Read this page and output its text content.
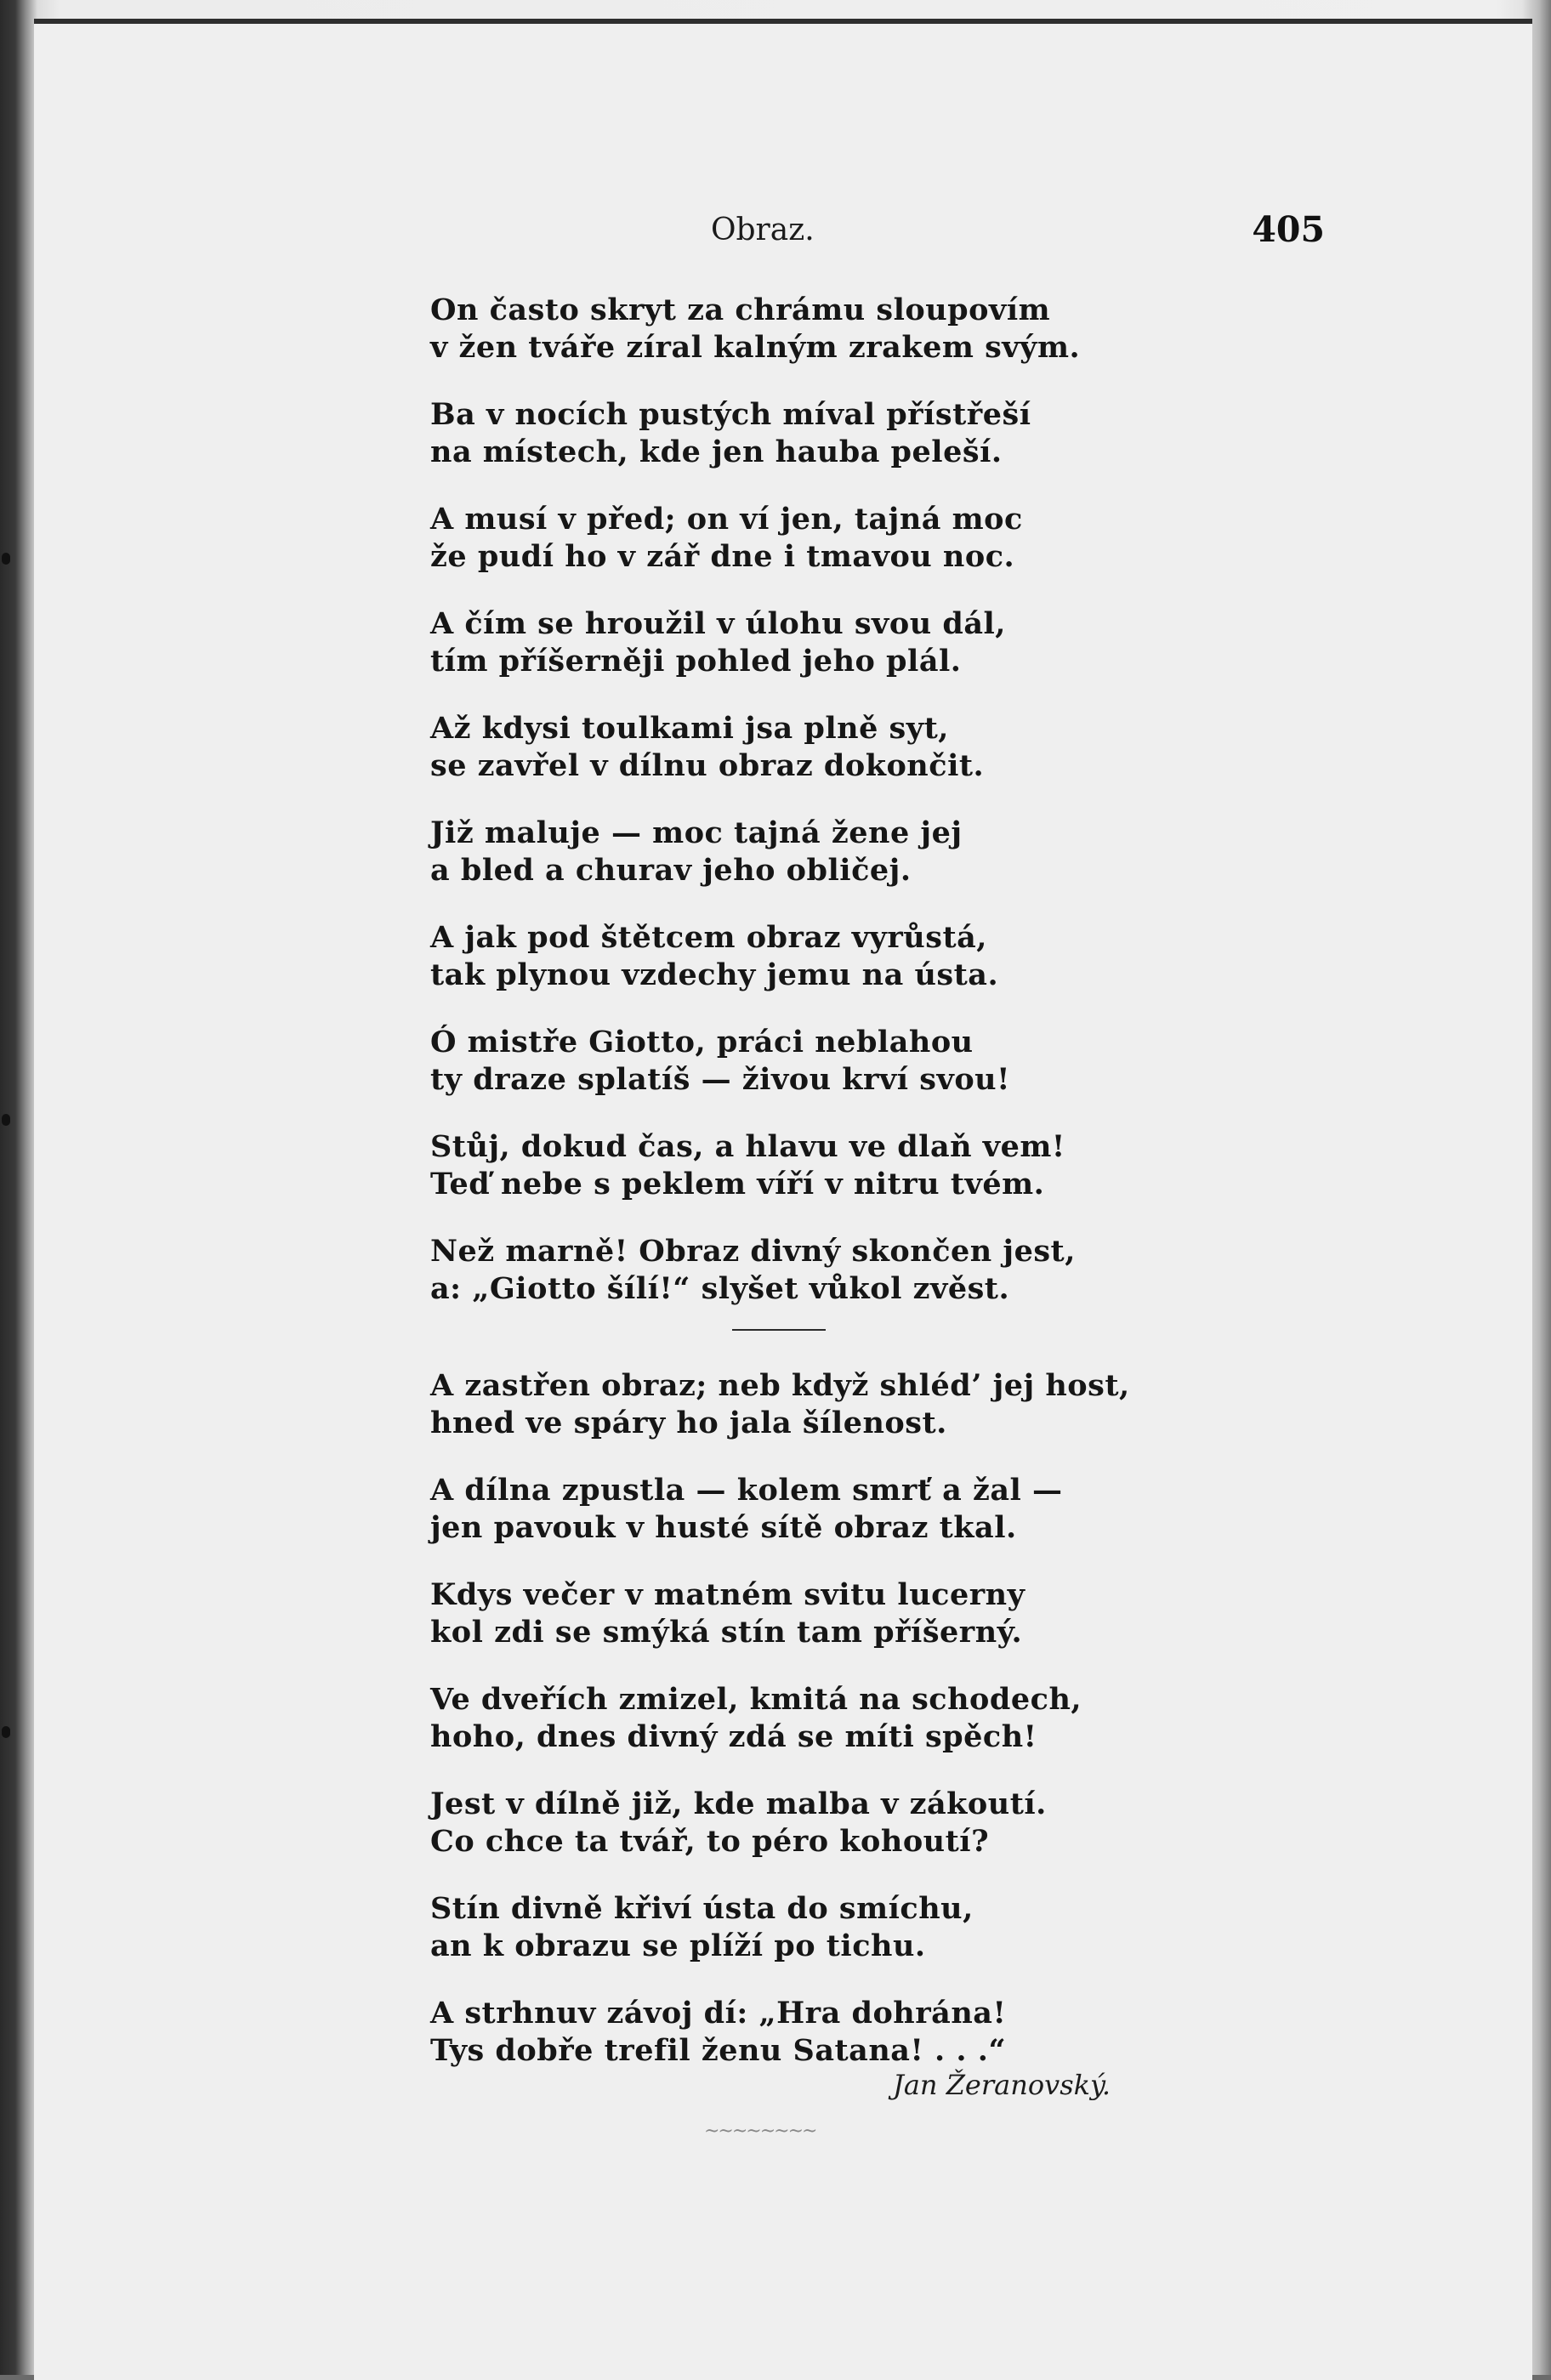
Obraz.	405
On často skryt za chrámu sloupovím
v žen tváře zíral kalným zrakem svým.
Ba v nocích pustých míval přístřeší
na místech, kde jen hauba peleší.
A musí v před; on ví jen, tajná moc
že pudí ho v zář dne i tmavou noc.
A čím se hroužil v úlohu svou dál,
tím příšerněji pohled jeho plál.
Až kdysi toulkami jsa plně syt,
se zavřel v dílnu obraz dokončit.
Již maluje — moc tajná žene jej
a bled a churav jeho obličej.
A jak pod štětcem obraz vyrůstá,
tak plynou vzdechy jemu na ústa.
Ó mistře Giotto, práci neblahou
ty draze splatíš — živou krví svou!
Stůj, dokud čas, a hlavu ve dlaň vem!
Teď nebe s peklem víří v nitru tvém.
Než marně! Obraz divný skončen jest,
a: „Giotto šílí!“ slyšet vůkol zvěst.
A zastřen obraz; neb když shléd’ jej host,
hned ve spáry ho jala šílenost.
A dílna zpustla — kolem smrť a žal —
jen pavouk v husté sítě obraz tkal.
Kdys večer v matném svitu lucerny
kol zdi se smýká stín tam příšerný.
Ve dveřích zmizel, kmitá na schodech,
hoho, dnes divný zdá se míti spěch!
Jest v dílně již, kde malba v zákoutí.
Co chce ta tvář, to péro kohoutí?
Stín divně křiví ústa do smíchu,
an k obrazu se plíží po tichu.
A strhnuv závoj dí: „Hra dohrána!
Tys dobře trefil ženu Satana! . . .“
Jan Žeranovský.
~~~~~~~~
